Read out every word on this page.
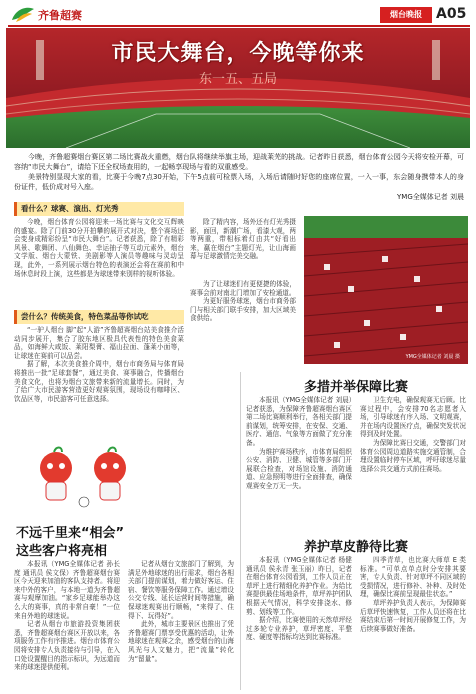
齐鲁超赛	烟台晚报	A05
市民大舞台，今晚等你来
东一五、五局

今晚，齐鲁超赛烟台赛区第二场比赛战火重燃，烟台队将继续举旗主场，迎战莱芜的挑战。记者昨日获悉，烟台体育公园今天将安检开幕，可容纳“市民大舞台”，请给下还全权场查用的，一起畅享现场与看的双重感受。

美景特别显现大家的看，比赛于今晚7点30开始，下午5点前可检票入场，入场后请随时好您的座席位置，一入一事，东会随身携带本人的身份证件，低价成对号入座。

YMG全媒体记者 刘晨

看什么？球赛、演出、灯光秀
尝什么？传统美食，特色菜品等你试吃

今晚，烟台体育公园将迎来一场比赛与文化交互辉映的盛宴。除了门前30分开拍攀的展开式对决，整个赛场还会变身成精彩纷呈“市民大舞台”。记者获悉，除了有精彩风景、歌舞团、八仙舞色、幸运抽子等互动元素外，烟台文学版、烟台大蒙铁、美剧影等人演员等趣味与灵动呈现，此外，一系列展示烟台特色的表演还会将在赛前和中场休息时段上演，这些都是为球迷带来别样的视听体验。

除了精内容，场外还有灯光秀摄影，面回，新潮广场，看漆大观，两等两重，带相标着灯由共“好看出来，赢在烟台”主题灯光，让山海画幕与足球激情完美交融。

“一驴人烟台 脚”起“人游”齐鲁超赛烟台站美食推介活动同步展开，集合了胶东地区极具代表性的特色美食菜品，如海鲜大咸饭、莱阳梨膏、福山拉面、蓬莱小面等，让球迷在赛前可以品尝。

据了解，本次美食推介周中，烟台市商务局与体育局将推出一批“足球套餐”，通过美食、赛事融合，传播烟台美食文化，也将为烟台文旅带来新的流量增长。同时，为了给广大市民游客营造更好观赛氛围，现场设有咖啡区、饮品区等，市民游客可任意选择。

为了让球迷们有更便捷的体验，赛事会前对南北门增加了安检通道。

为更好服务球迷，烟台市商务部门与相关部门联手安排，加大区域美食供给。

YMG全媒体记者 刘晨 摄
不远千里来“相会”
这些客户将亮相

本报讯（YMG全媒体记者 孙长度 通讯员 侯文保）齐鲁超赛烟台赛区今天迎来加油的客队支持者。将迎来中外的客户，与本地一道为齐鲁超赛与观摩加油。“家乡足球能举办这么大的赛事，真的非常自豪！”一位来自外地的球迷说。

记者从烟台市旅游投资集团获悉，齐鲁超赛烟台赛区开放以来，各项服务工作有序推进。烟台市体育公园将安排专人负责接待与引导，在入口处设置醒目的指示标识，为远道而来的球迷提供便利。

记者从烟台文旅部门了解到，为满足外地球迷的出行需求，烟台各相关部门提前谋划，着力做好客运、住宿、餐饮等服务保障工作。通过增设公交专线、延长运营时间等措施，确保球迷观赛出行顺畅，“来得了、住得下、玩得好”。

此外，城市主要景区也推出了凭齐鲁超赛门票享受优惠的活动，让外地球迷在观赛之余，感受烟台的山海风光与人文魅力，把“流量”转化为“留量”。

多措并举保障比赛

本报讯（YMG全媒体记者 刘晨）记者获悉，为保障齐鲁超赛烟台赛区第二场比赛顺利举行，各相关部门提前谋划，统筹安排，在安保、交通、医疗、通信、气象等方面做了充分准备。

为维护赛场秩序，市体育局组织公安、消防、卫健、城管等多部门开展联合检查，对场馆设施、消防通道、应急照明等进行全面排查，确保观赛安全万无一失。

卫生充电，确保观赛无后顾。比赛过程中，会安排70名志愿者入场，引导球迷有序入场、文明观赛，并在场内设置医疗点，确保突发状况得到及时处置。

为保障比赛日交通，交警部门对体育公园周边道路实施交通管制，合理设置临时停车区域，呼吁球迷尽量选择公共交通方式前往赛场。

养护草皮静待比赛

本报讯（YMG全媒体记者 杨健 通讯员 侯永青 张玉丽）昨日，记者在烟台体育公园看到，工作人员正在草坪上进行精细化养护作业。为给比赛提供最佳场地条件，草坪养护团队根据天气情况，科学安排浇水、修剪、划线等工作。

据介绍，比赛使用的天然草坪经过多轮专业养护，草坪密度、平整度、硬度等指标均达到比赛标准。

四季青草，也比赛大师草 E 类标准。“可单点单点时分安排其要害，专人负责、针对草坪不同区域的受损情况，进行修补、补种、及时处理，确保比赛前呈现最佳状态。”

草坪养护负责人表示，为保障赛后草坪快速恢复，工作人员还将在比赛结束后第一时间开展修复工作，为后续赛事做好准备。
